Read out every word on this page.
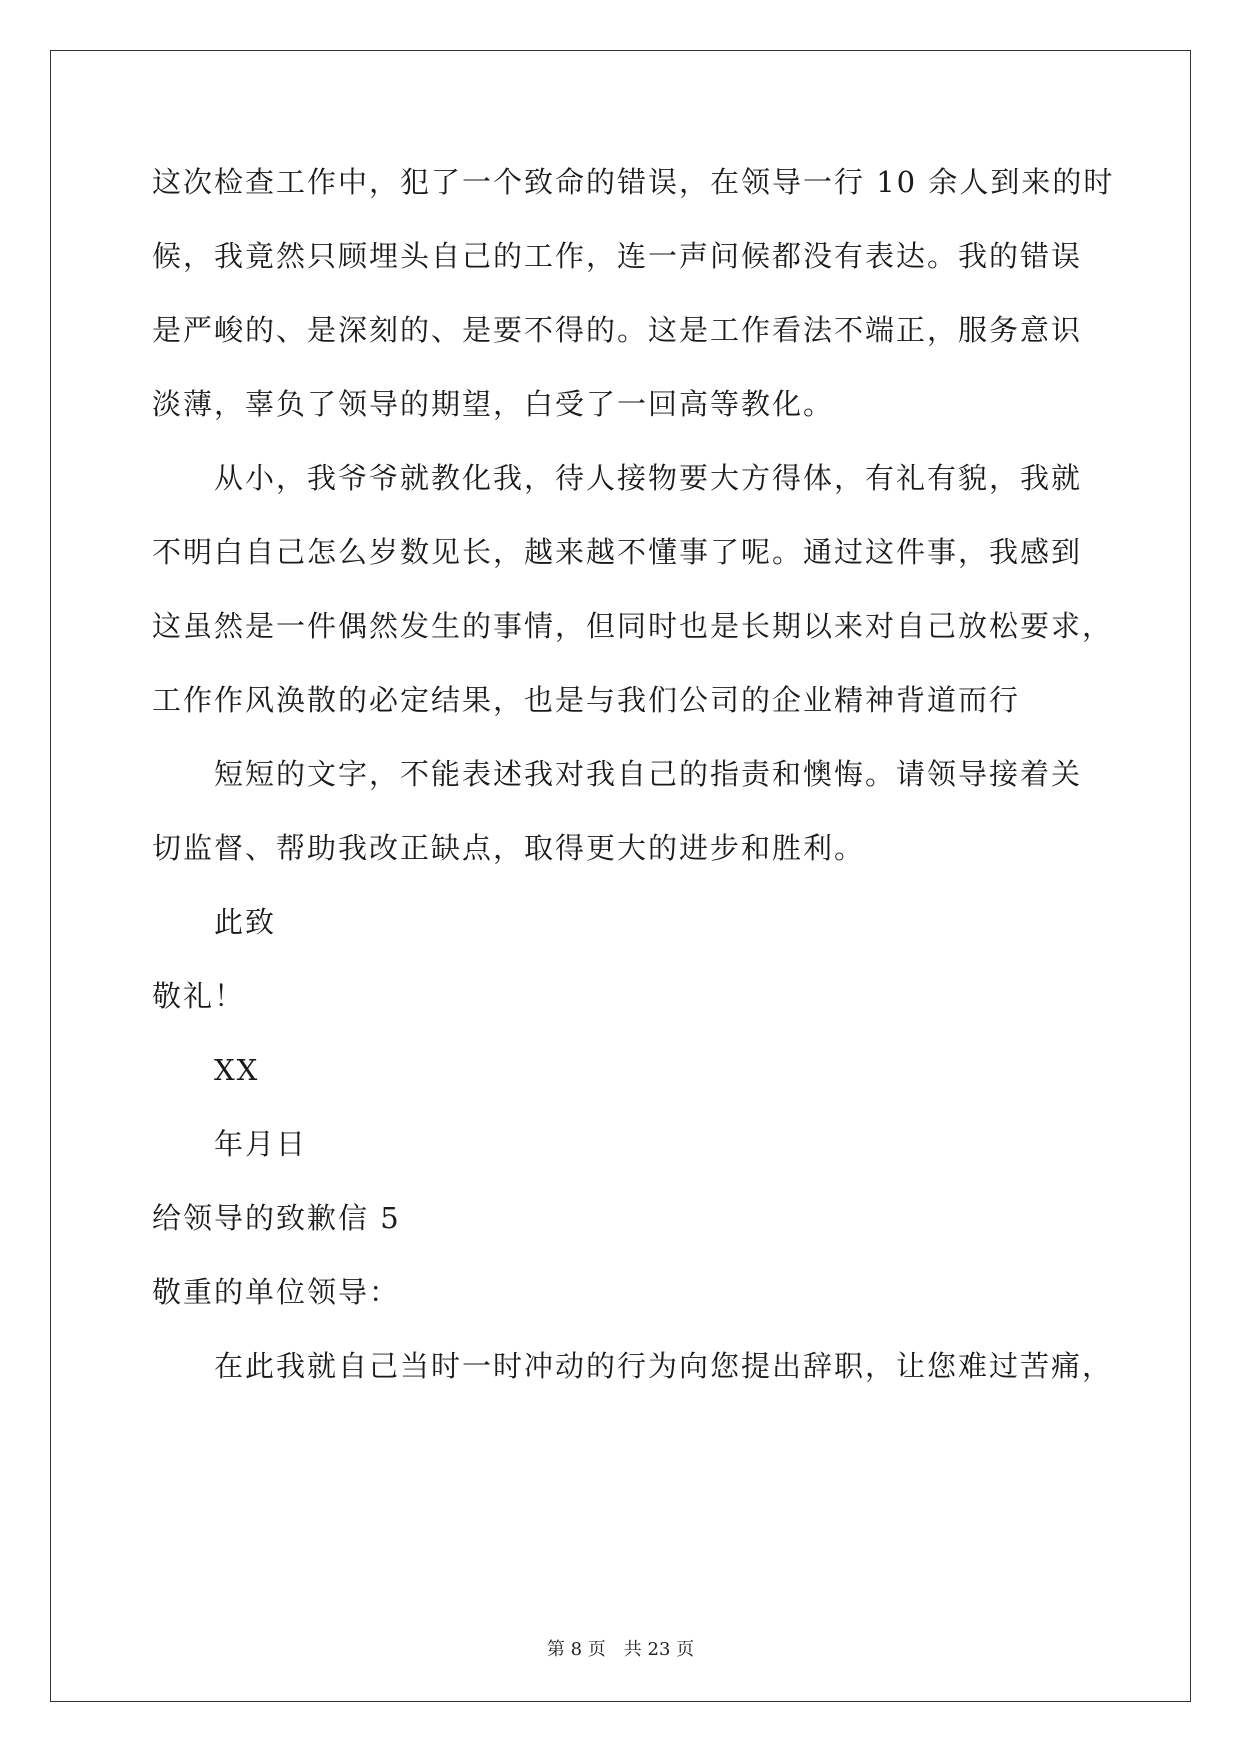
这次检查工作中，犯了一个致命的错误，在领导一行 10 余人到来的时
候，我竟然只顾埋头自己的工作，连一声问候都没有表达。我的错误
是严峻的、是深刻的、是要不得的。这是工作看法不端正，服务意识
淡薄，辜负了领导的期望，白受了一回高等教化。
从小，我爷爷就教化我，待人接物要大方得体，有礼有貌，我就
不明白自己怎么岁数见长，越来越不懂事了呢。通过这件事，我感到
这虽然是一件偶然发生的事情，但同时也是长期以来对自己放松要求，
工作作风涣散的必定结果，也是与我们公司的企业精神背道而行
短短的文字，不能表述我对我自己的指责和懊悔。请领导接着关
切监督、帮助我改正缺点，取得更大的进步和胜利。
此致
敬礼！
XX
年月日
给领导的致歉信 5
敬重的单位领导：
在此我就自己当时一时冲动的行为向您提出辞职，让您难过苦痛，
第 8 页　共 23 页
